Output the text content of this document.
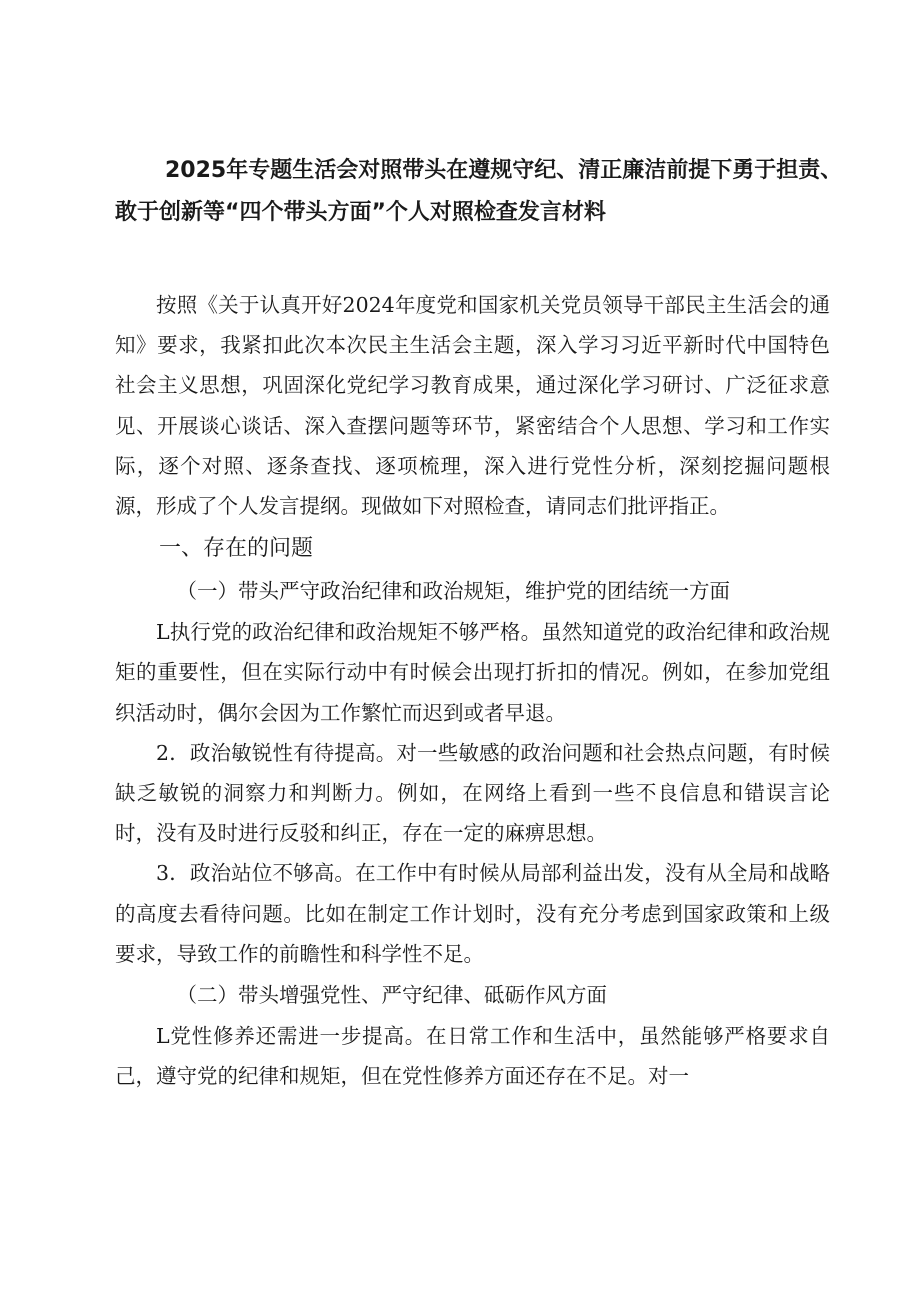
2025年专题生活会对照带头在遵规守纪、清正廉洁前提下勇于担责、
敢于创新等“四个带头方面”个人对照检查发言材料

按照《关于认真开好2024年度党和国家机关党员领导干部民主生活会的通知》要求，我紧扣此次本次民主生活会主题，深入学习习近平新时代中国特色社会主义思想，巩固深化党纪学习教育成果，通过深化学习研讨、广泛征求意见、开展谈心谈话、深入查摆问题等环节，紧密结合个人思想、学习和工作实际，逐个对照、逐条查找、逐项梳理，深入进行党性分析，深刻挖掘问题根源，形成了个人发言提纲。现做如下对照检查，请同志们批评指正。

一、存在的问题
（一）带头严守政治纪律和政治规矩，维护党的团结统一方面

L执行党的政治纪律和政治规矩不够严格。虽然知道党的政治纪律和政治规矩的重要性，但在实际行动中有时候会出现打折扣的情况。例如，在参加党组织活动时，偶尔会因为工作繁忙而迟到或者早退。

2．政治敏锐性有待提高。对一些敏感的政治问题和社会热点问题，有时候缺乏敏锐的洞察力和判断力。例如，在网络上看到一些不良信息和错误言论时，没有及时进行反驳和纠正，存在一定的麻痹思想。

3．政治站位不够高。在工作中有时候从局部利益出发，没有从全局和战略的高度去看待问题。比如在制定工作计划时，没有充分考虑到国家政策和上级要求，导致工作的前瞻性和科学性不足。

（二）带头增强党性、严守纪律、砥砺作风方面

L党性修养还需进一步提高。在日常工作和生活中，虽然能够严格要求自己，遵守党的纪律和规矩，但在党性修养方面还存在不足。对一
